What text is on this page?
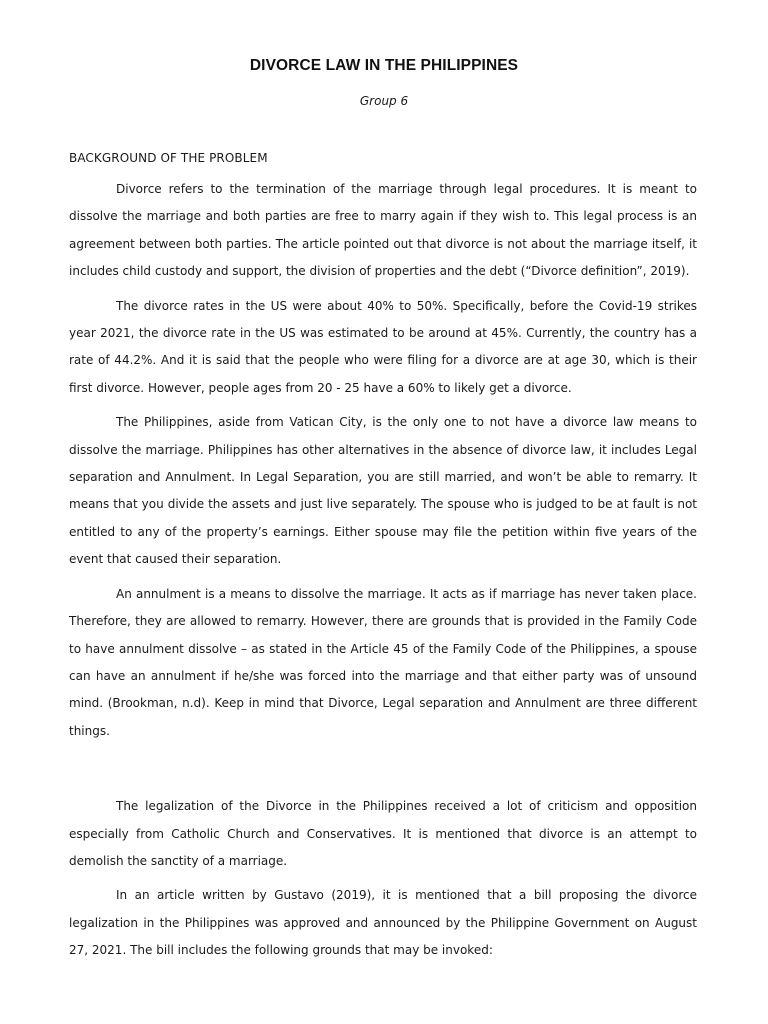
DIVORCE LAW IN THE PHILIPPINES
Group 6
BACKGROUND OF THE PROBLEM

Divorce refers to the termination of the marriage through legal procedures. It is meant to dissolve the marriage and both parties are free to marry again if they wish to. This legal process is an agreement between both parties. The article pointed out that divorce is not about the marriage itself, it includes child custody and support, the division of properties and the debt (“Divorce definition”, 2019).

The divorce rates in the US were about 40% to 50%. Specifically, before the Covid-19 strikes year 2021, the divorce rate in the US was estimated to be around at 45%. Currently, the country has a rate of 44.2%. And it is said that the people who were filing for a divorce are at age 30, which is their first divorce. However, people ages from 20 - 25 have a 60% to likely get a divorce.

The Philippines, aside from Vatican City, is the only one to not have a divorce law means to dissolve the marriage. Philippines has other alternatives in the absence of divorce law, it includes Legal separation and Annulment. In Legal Separation, you are still married, and won’t be able to remarry. It means that you divide the assets and just live separately. The spouse who is judged to be at fault is not entitled to any of the property’s earnings. Either spouse may file the petition within five years of the event that caused their separation.

An annulment is a means to dissolve the marriage. It acts as if marriage has never taken place. Therefore, they are allowed to remarry. However, there are grounds that is provided in the Family Code to have annulment dissolve – as stated in the Article 45 of the Family Code of the Philippines, a spouse can have an annulment if he/she was forced into the marriage and that either party was of unsound mind. (Brookman, n.d). Keep in mind that Divorce, Legal separation and Annulment are three different things.

The legalization of the Divorce in the Philippines received a lot of criticism and opposition especially from Catholic Church and Conservatives. It is mentioned that divorce is an attempt to demolish the sanctity of a marriage.

In an article written by Gustavo (2019), it is mentioned that a bill proposing the divorce legalization in the Philippines was approved and announced by the Philippine Government on August 27, 2021. The bill includes the following grounds that may be invoked:
